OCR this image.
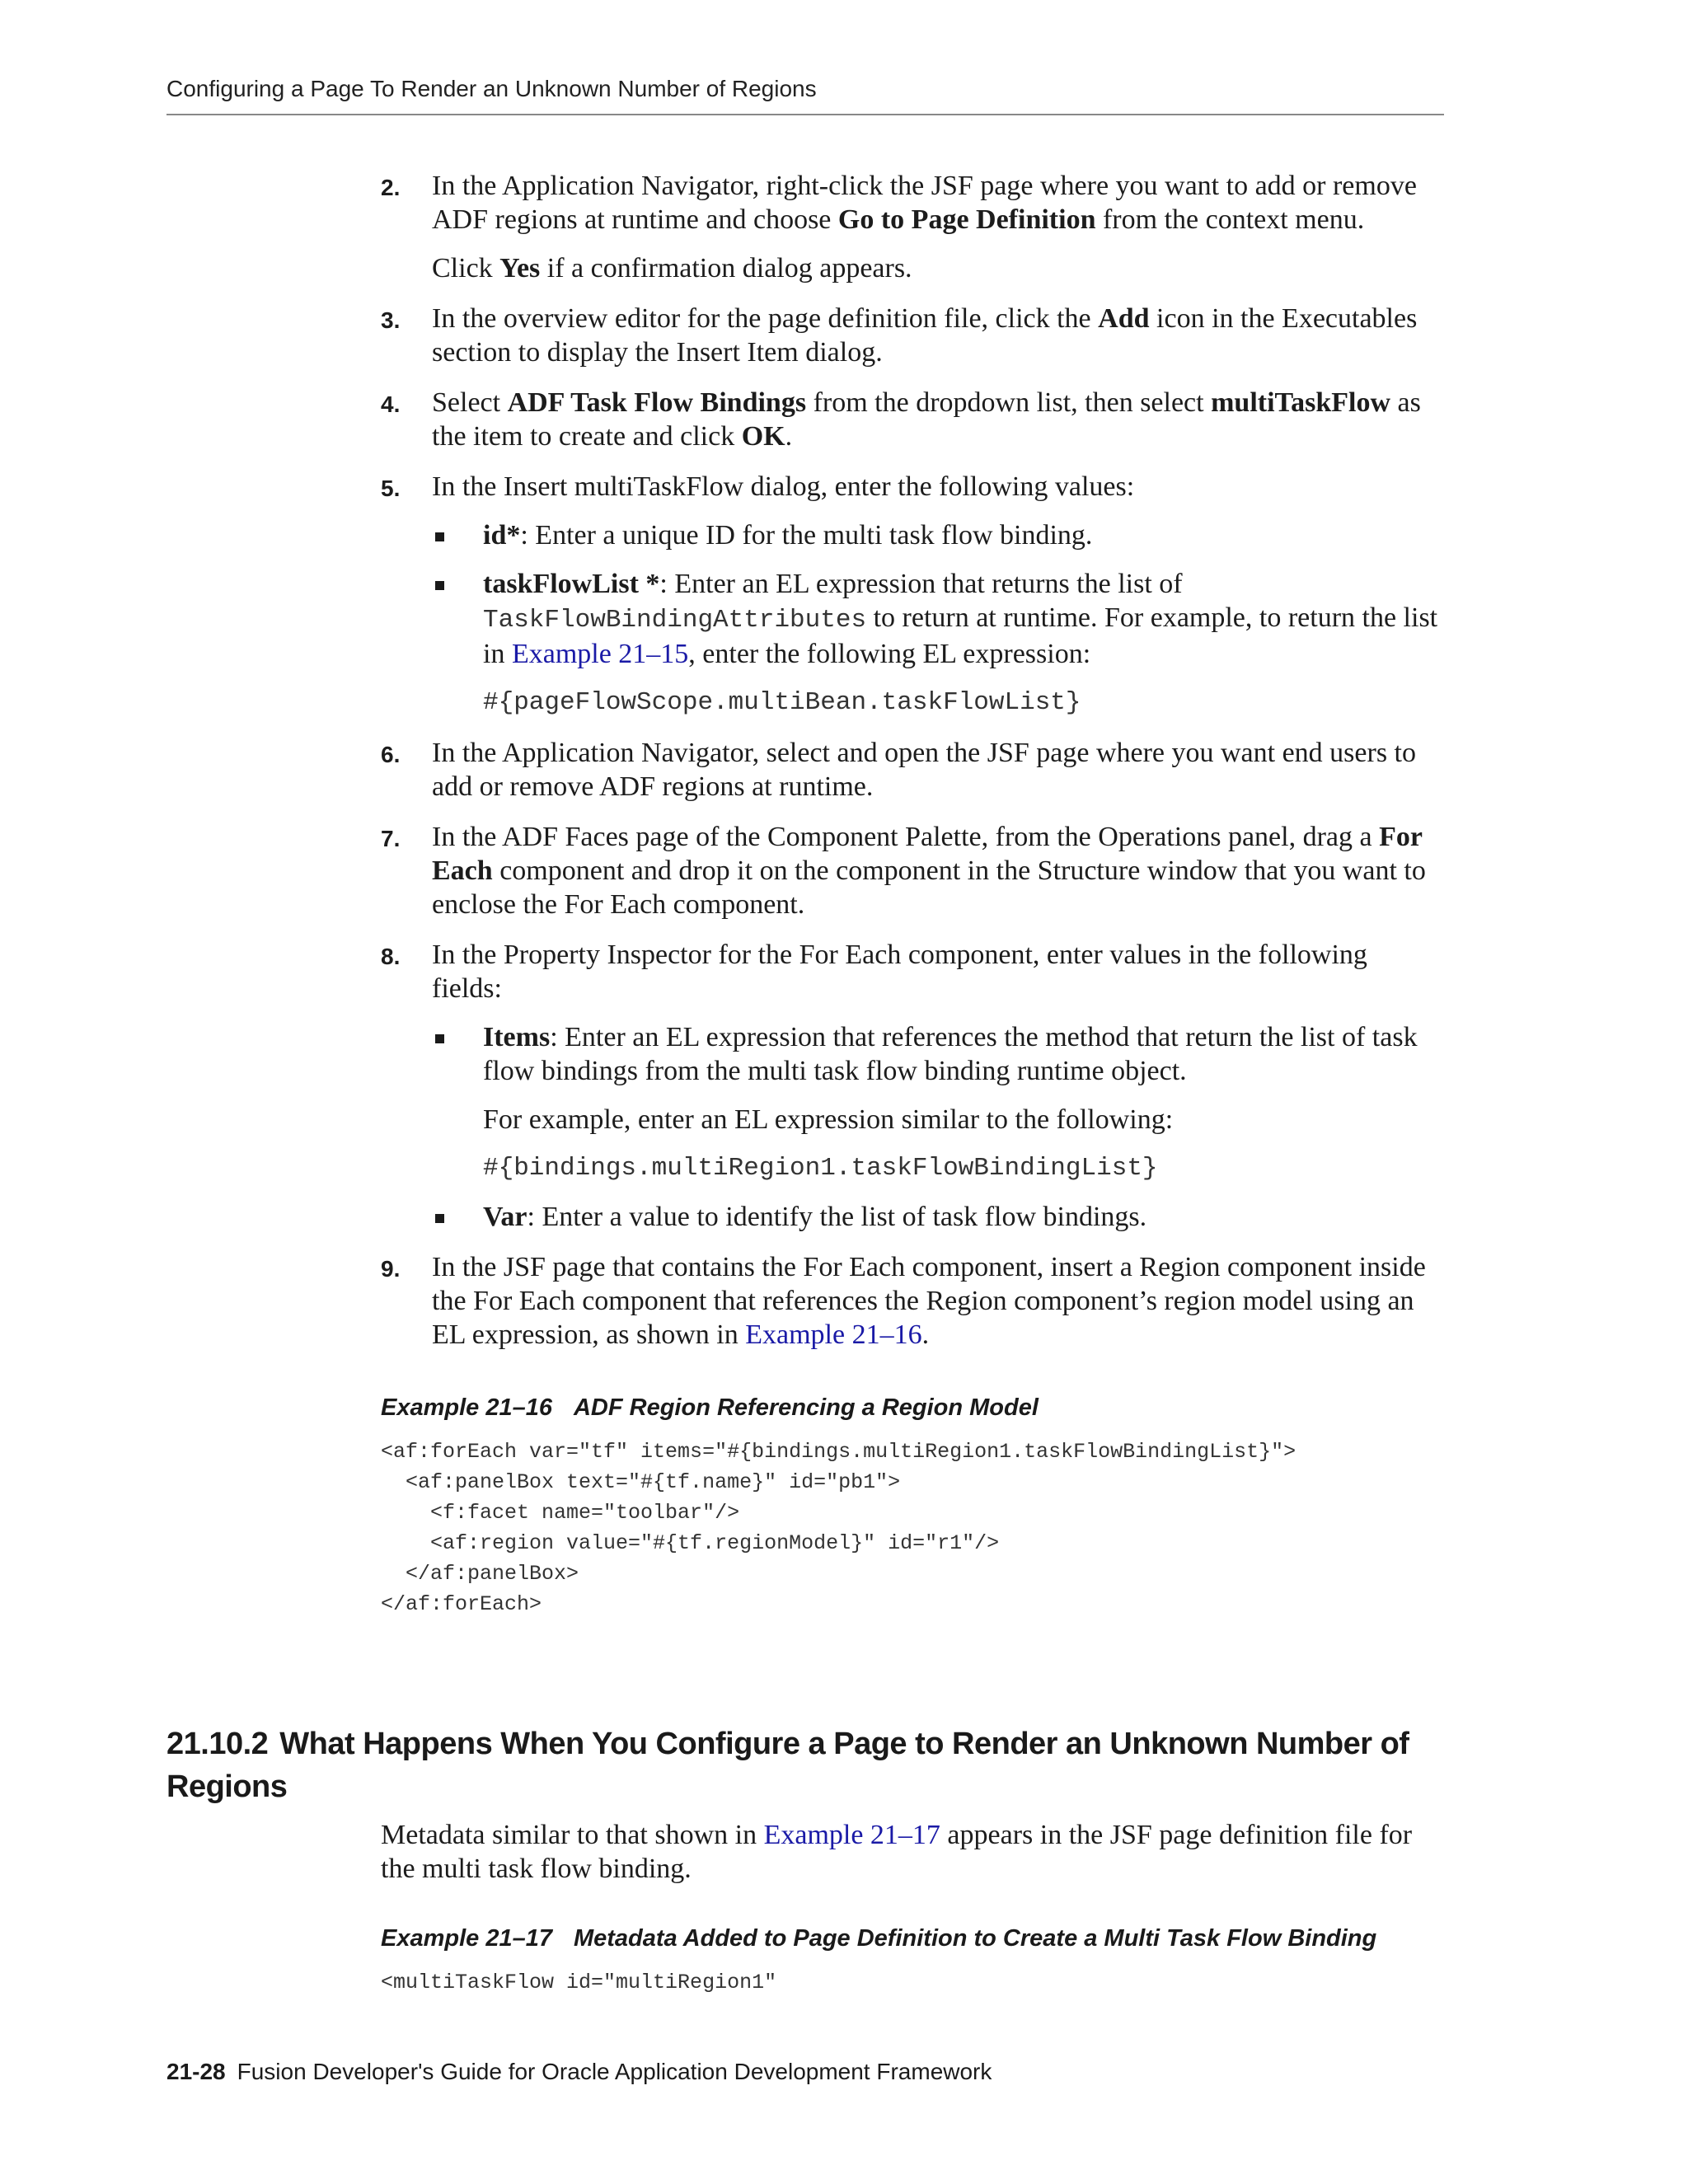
Configuring a Page To Render an Unknown Number of Regions
2. In the Application Navigator, right-click the JSF page where you want to add or remove ADF regions at runtime and choose Go to Page Definition from the context menu.

Click Yes if a confirmation dialog appears.

3. In the overview editor for the page definition file, click the Add icon in the Executables section to display the Insert Item dialog.

4. Select ADF Task Flow Bindings from the dropdown list, then select multiTaskFlow as the item to create and click OK.

5. In the Insert multiTaskFlow dialog, enter the following values:

id*: Enter a unique ID for the multi task flow binding.

taskFlowList *: Enter an EL expression that returns the list of TaskFlowBindingAttributes to return at runtime. For example, to return the list in Example 21–15, enter the following EL expression:

#{pageFlowScope.multiBean.taskFlowList}
6. In the Application Navigator, select and open the JSF page where you want end users to add or remove ADF regions at runtime.

7. In the ADF Faces page of the Component Palette, from the Operations panel, drag a For Each component and drop it on the component in the Structure window that you want to enclose the For Each component.

8. In the Property Inspector for the For Each component, enter values in the following fields:

Items: Enter an EL expression that references the method that return the list of task flow bindings from the multi task flow binding runtime object.

For example, enter an EL expression similar to the following:

#{bindings.multiRegion1.taskFlowBindingList}

Var: Enter a value to identify the list of task flow bindings.

9. In the JSF page that contains the For Each component, insert a Region component inside the For Each component that references the Region component’s region model using an EL expression, as shown in Example 21–16.

Example 21–16 ADF Region Referencing a Region Model

<af:forEach var="tf" items="#{bindings.multiRegion1.taskFlowBindingList}">
<af:panelBox text="#{tf.name}" id="pb1">
<f:facet name="toolbar"/>
<af:region value="#{tf.regionModel}" id="r1"/>
</af:panelBox>
</af:forEach>
21.10.2 What Happens When You Configure a Page to Render an Unknown Number of Regions

Metadata similar to that shown in Example 21–17 appears in the JSF page definition file for the multi task flow binding.

Example 21–17 Metadata Added to Page Definition to Create a Multi Task Flow Binding

<multiTaskFlow id="multiRegion1"
21-28 Fusion Developer's Guide for Oracle Application Development Framework
